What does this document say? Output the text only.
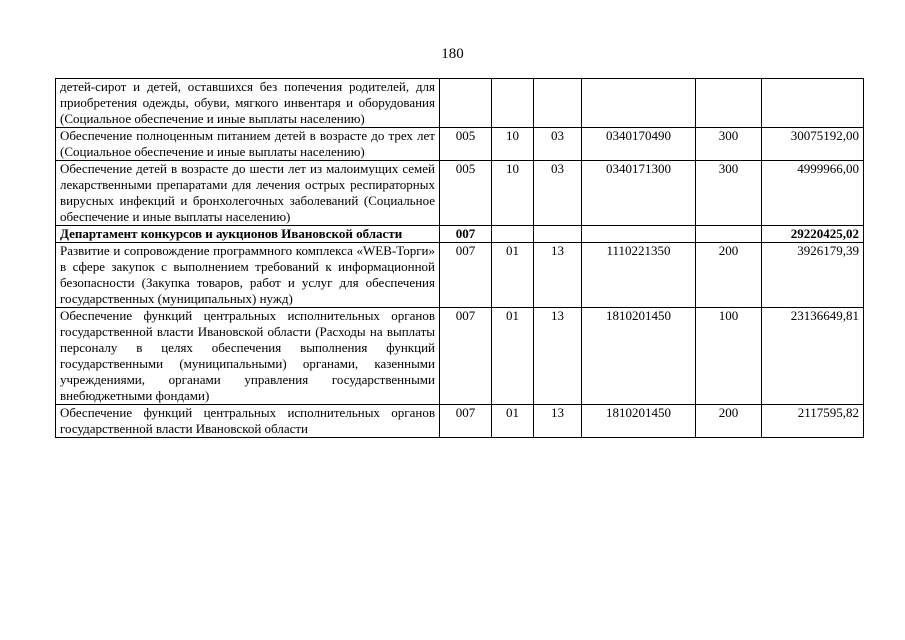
180
детей-сирот и детей, оставшихся без попечения родителей, для приобретения одежды, обуви, мягкого инвентаря и оборудования (Социальное обеспечение и иные выплаты населению)						
Обеспечение полноценным питанием детей в возрасте до трех лет (Социальное обеспечение и иные выплаты населению)	005	10	03	0340170490	300	30075192,00
Обеспечение детей в возрасте до шести лет из малоимущих семей лекарственными препаратами для лечения острых респираторных вирусных инфекций и бронхолегочных заболеваний (Социальное обеспечение и иные выплаты населению)	005	10	03	0340171300	300	4999966,00
Департамент конкурсов и аукционов Ивановской области	007					29220425,02
Развитие и сопровождение программного комплекса «WEB-Торги» в сфере закупок с выполнением требований к информационной безопасности (Закупка товаров, работ и услуг для обеспечения государственных (муниципальных) нужд)	007	01	13	1110221350	200	3926179,39
Обеспечение функций центральных исполнительных органов государственной власти Ивановской области (Расходы на выплаты персоналу в целях обеспечения выполнения функций государственными (муниципальными) органами, казенными учреждениями, органами управления государственными внебюджетными фондами)	007	01	13	1810201450	100	23136649,81
Обеспечение функций центральных исполнительных органов государственной власти Ивановской области	007	01	13	1810201450	200	2117595,82
